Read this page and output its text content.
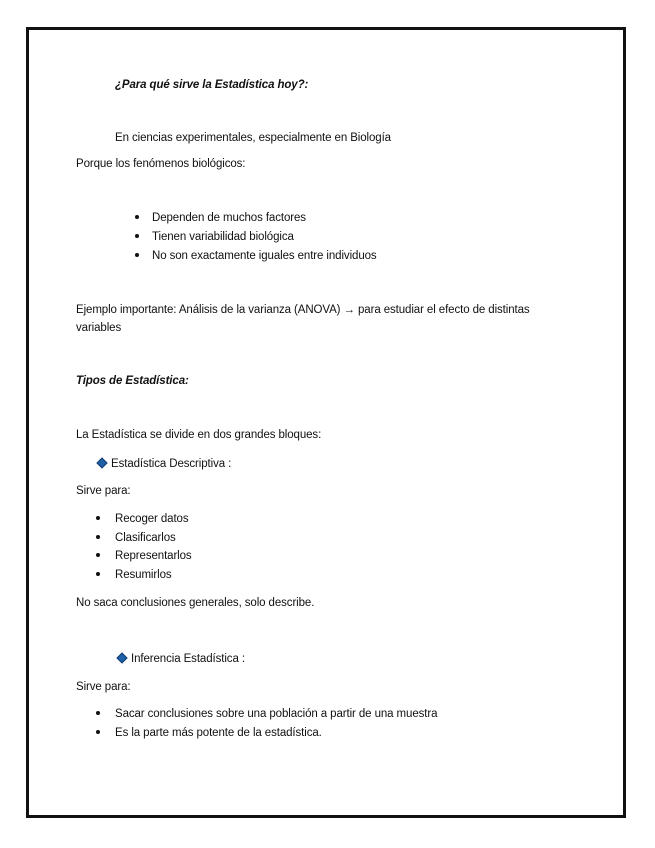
¿Para qué sirve la Estadística hoy?:
En ciencias experimentales, especialmente en Biología
Porque los fenómenos biológicos:
Dependen de muchos factores
Tienen variabilidad biológica
No son exactamente iguales entre individuos
Ejemplo importante: Análisis de la varianza (ANOVA) → para estudiar el efecto de distintas
variables
Tipos de Estadística:
La Estadística se divide en dos grandes bloques:
Estadística Descriptiva :
Sirve para:
Recoger datos
Clasificarlos
Representarlos
Resumirlos
No saca conclusiones generales, solo describe.
Inferencia Estadística :
Sirve para:
Sacar conclusiones sobre una población a partir de una muestra
Es la parte más potente de la estadística.
